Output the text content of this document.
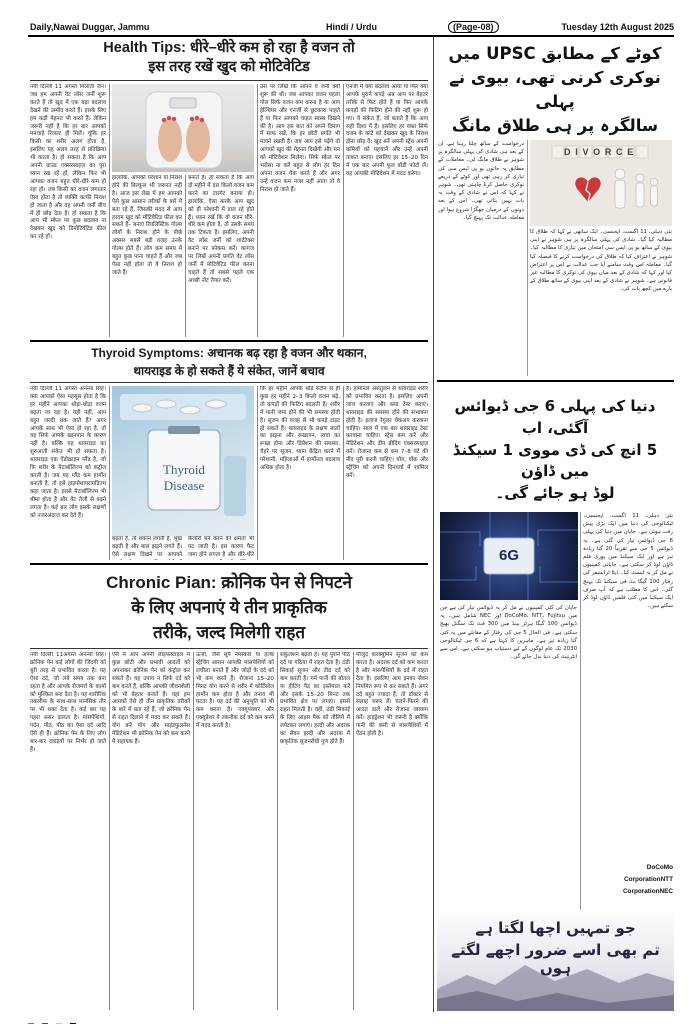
Daily,Nawai Duggar, Jammu	Hindi / Urdu	(Page-08)	Tuesday 12th August 2025
Health Tips: धीरे–धीरे कम हो रहा है वजन तो
इस तरह रखें खुद को मोटिवेटिड

नयी दिल्ली 11 अगस्त मिलाती जैन। जब हम अपनी वेट लॉस जर्नी शुरू करते हैं तो खुद में एक बड़ा बदलाव देखने की उम्मीद करते हैं। इसके लिए हम कड़ी मेहनत भी करते हैं। लेकिन जरूरी नहीं है कि हर बार आपको मनचाहे रिजल्ट ही मिलें। चूंकि हर किसी का शरीर अलग होता है, इसलिए यह अलग तरह से प्रतिक्रिया भी करता है। हो सकता है कि आप अपनी ग्राउंड एक्सरसाइज़ का पूरा ध्यान रख रहे हों, लेकिन फिर भी आपका वजन बहुत धीरे-धीरे कम हो रहा हो। जब किसी का वजन लगातार ऐसा होता है तो व्यक्ति काफी निराश हो जाता है और वह अपनी जर्नी बीच में ही छोड़ देता है। हो सकता है कि आप भी स्केल पर कुछ बदलाव ना देखकर खुद को डिमोटिवेटिड फील कर रहे हों।

हालांकि, आपको परेशान या निराश होने की बिल्कुल भी जरूरत नहीं है। आज इस लेख में हम आपको ऐसे कुछ आसान तरीकों के बारे में बता रहे हैं, जिसकी मदद से आप हरदम खुद को मोटिवेटिड फील कर सकते हैं– बनाएं रियलिस्टिक गोल्स लोगों के निराश होने के पीछे अक्सर सबसे बड़ी वजह उनके गोल्स होते हैं। लोग कम समय में बहुत कुछ पाना चाहते हैं और जब ऐसा नहीं होता तो वे निराश हो जाते हैं।

बनाते हैं। हो सकता है कि आप दो महीने में दस किलो वजन कम करने का टारगेट बनाया हो। हालांकि, ऐसा करके आप खुद को ही परेशानी में डाल रहे होते हैं। ध्यान रखें कि वो वजन धीरे-धीरे कम होता है, तो उसके समय तक टिकता है। इसलिए, अपनी वेट लॉस जर्नी को शार्टटेक्स बनाने पर फोकस करें। कागज पर लिखें अपनी प्रगति वेट लॉस जर्नी में मोटिवेटिड फील करना चाहते हैं तो सबसे पहले एक अच्छी नोट तैयार करें।

उस पर लिखें कि आपने ये जर्नी क्यों शुरू की थी। जब आपका वजन पहला गोल सिर्फ वजन कम करना है या आप हेल्थियर और एनर्जी से छुटकारा पाहते हैं या फिर आपको चाहत स्वस्थ दिखने की है। आप इस बात को अपने दिमाग में साफ रखें, कि हर छोटी प्रगति भी मायने रखती है। जब आप इसे पढ़ेंगे तो आपको खुद की मेहनत दिखेगी और मन को मोटिवेशन मिलेगा। सिर्फ स्केल पर भरोसा ना करें बहुत से लोग हर दिन अपना वजन चेक करते हैं और अगर उन्हें वजन कम नजर नहीं आता तो वे निराश हो जाते हैं।

एनर्जी में क्या बदलाव आया या फिर क्या आपके पुराने कपड़े अब आप पर बेहतर तरीके से फिट होते हैं या फिर आपके कपड़ों की फिटिंग होने की नहीं शुरू हो गए। ये संकेत हैं, जो बताते हैं कि आप सही दिशा में हैं। इसलिए हर वक्त सिर्फ वजन के कांटे को देखकर खुद के निराश होना छोड़ दें। खुद बनें अपनी स्ट्रेंथ अपनी कमियों को पहचानें और उन्हें अपनी ताकत बनाएं। इसलिए हर 15–20 दिन में एक बार अपनी फुल बॉडी फोटो लें। यह आपकी मोटिवेशन में मदद करेगा।

Thyroid Symptoms: अचानक बढ़ रहा है वजन और थकान,
थायराइड के हो सकते हैं ये संकेत, जानें बचाव

नयी दिल्ली 11 अगस्त अनन्या सिंह। क्या आपको ऐसा महसूस होता है कि हर महीने आपका थोड़ा-थोड़ा वजन बढ़ता जा रहा है। यही नहीं, आप बहुत जल्दी थक जाते हैं? अगर आपके साथ भी ऐसा हो रहा है, तो यह सिर्फ आपके खानपान के कारण नहीं है। बल्कि यह थायराइड का शुरुआती संकेत भी हो सकता है। थायराइड एक ऐंडोक्राइन ग्लैंड है, जो कि शरीर के मेटाबॉलिज्म को कंट्रोल करती है। जब यह ग्लैंड कम हार्मोन बनाती है, तो इसे हाइपोथायरायडिज्म कहा जाता है। इससे मेटाबॉलिज्म भी धीमा होता है और वेट तेजी से बढ़ने लगता है। कई बार लोग इसके लक्षणों को नजरअंदाज कर देते हैं।

Thyroid
Disease

बढ़ता है, तो थकान लगती है, भूख बढ़ती है और बाल झड़ने लगते हैं। ऐसे लक्षण दिखने पर आपको

कैलोरी बर्न करने की क्षमता भी घट जाती है। इस कारण फैट जमा होने लगता है और धीरे-धीरे

कि हर महीने आपके थोड़े रुटीन से ही कुछ हर महीने 2–3 किलो वजन बढ़े, तो कपड़ों की फिटिंग बदलती है। शरीर में पानी जमा होने की भी समस्या होती है। सूजन की वजह से भी कपड़े टाइट हो सकते हैं। थायराइड के लक्षण बालों का झड़ना और रूखापन, त्वचा का रूखा होना और डिप्रेशन की समस्या, चेहरे पर सूजन, ध्यान केंद्रित करने में परेशानी, महिलाओं में हार्मोनल बदलाव अधिक होता है।

है। हार्मोनल असंतुलन से थायराइड शरीर को प्रभावित करता है। इसलिए अपनी जांच करवाएं और ब्लड टेस्ट कराएं। थायराइड की समस्या होने की संभावना होती है। इलाज रेगुलर चेकअप करवाना चाहिए। साल में एक बार थायराइड टेस्ट करवाना चाहिए। स्ट्रेस कम करें और मेडिटेशन और डीप ब्रीदिंग एक्सरसाइज़ करें। रोजाना कम से कम 7–8 घंटे की नींद पूरी करनी चाहिए। योग, वॉक और स्ट्रेचिंग को अपनी दिनचर्या में शामिल करें।

Chronic Pian: क्रोनिक पेन से निपटने
के लिए अपनाएं ये तीन प्राकृतिक
तरीके, जल्द मिलेगी राहत

नयी दिल्ली 11अगस्त अनन्या सिंह। क्रोनिक पेन कई लोगों की जिंदगी को बुरी तरह से प्रभावित करता है। यह ऐसा दर्द, जो लंबे समय तक बना रहता है और आपके रोजमर्रा के कामों को मुश्किल बना देता है। यह शारीरिक तकलीफ के साथ-साथ मानसिक तौर पर भी थका देता है। कई बार यह गहरा असर डालता है। मांसपेशियों, गर्दन, पीठ, पीठ का ऐसा दर्द आदि ऐसे ही हैं। क्रोनिक पेन के लिए लोग बार-बार दवाइयों पर निर्भर हो जाते हैं।

ऐसे में आप अपनी लाइफस्टाइल में कुछ छोटी और प्रभावी आदतों को अपनाकर क्रोनिक पेन को कंट्रोल कर सकते हैं। यह उपाय न सिर्फ दर्द को कम करते हैं, बल्कि आपकी जीवनशैली को भी बेहतर बनाते हैं। यहां हम आपको ऐसे ही तीन प्राकृतिक तरीकों के बारे में बता रहे हैं, जो क्रोनिक पेन से राहत दिलाने में मदद कर सकते हैं। योग करें योग और माइंडफुलनेस मेडिटेशन भी क्रोनिक पेन को कम करने में सहायक हैं।

ऊर्जा, जैसे सूर्य नमस्कार या हल्के स्ट्रेचिंग आसन आपकी मांसपेशियों को लचीला बनाते हैं और जोड़ों के दर्द को भी कम करते हैं। रोजाना 15–20 मिनट योग करने से शरीर में कोर्टिसोल हार्मोन कम होता है और तनाव भी घटता है। यह दर्द की अनुभूति को भी कम करता है। एक्यूपंक्चर और एक्यूप्रेशर ये तकनीक दर्द को कम करने में मदद करती है।

सकुलेशन बढ़ता है। यह पुराने पीठ दर्द या गठिया में राहत देता है। ठंडी सिकाई सूजन और तीव्र दर्द को कम करती है। गर्म पानी की बोतल या हीटिंग पैड का इस्तेमाल करें और इसके 15–20 मिनट तक प्रभावित क्षेत्र पर लगाएं। इससे राहत मिलती है। वहीं, ठंडी सिकाई के लिए आइस पैक को तौलिये में लपेटकर लगाएं। हल्दी और अदरक का सेवन हल्दी और अदरक में प्राकृतिक सूजनरोधी गुण होते हैं।

मौजूद करक्यूमिन सूजन को कम करता है। अदरक दर्द को कम करता है और मांसपेशियों के दर्द में राहत देता है। इसलिए आप इनका सेवन नियमित रूप से कर सकते हैं। अगर दर्द बहुत ज्यादा है, तो डॉक्टर से सलाह जरूर लें। चलने-फिरने की आदत डालें और रोजाना व्यायाम करें। हाइड्रेशन भी जरूरी है क्योंकि पानी की कमी से मांसपेशियों में ऐंठन होती है।

کوٹے کے مطابق UPSC میں
نوکری کرنی تھی، بیوی نے پہلی
سالگرہ پر ہی طلاق مانگ
DIVORCE

نئی دہلی، 11 اگست، ایجنسی۔ ایک ساتھی نے کہا کہ طلاق کا مطالبہ کیا گیا۔ شادی کی پہلی سالگرہ پر ہی شوہر نے اپنی بیوی کے ساتھ یو پی ایس سی امتحان میں تیاری کا مطالبہ کیا۔ شوہر نے اعتراف کیا کہ طلاق کی درخواست کرنے کا فیصلہ کیا گیا۔ معاملہ اس وقت سامنے آیا جب عدالت نے اس پر اعتراض کیا اور کہا کہ شادی کے بعد میاں بیوی کی نوکری کا مطالبہ غیر قانونی ہے۔ شوہر نے شادی کے بعد اپنی بیوی کے ساتھ طلاق کے بارے میں کچھ بات کی۔

درخواست کے ساتھ چلتا رہتا ہے، ان کے بعد ہی شادی کی پہلی سالگرہ پر شوہر نے طلاق مانگ لی۔ معاملات کے مطابق یہ خاتون یو پی ایس سی کی تیاری کر رہی تھی اور کوٹے کے ذریعے نوکری حاصل کرنا چاہتی تھی۔ شوہر نے کہا کہ اس نے شادی کے وقت یہ بات نہیں بتائی تھی۔ اس کے بعد دونوں کے درمیان جھگڑا شروع ہوا اور معاملہ عدالت تک پہنچ گیا۔

دنیا کی پہلی 6 جی ڈیوائس آگئی، اب
5 انچ کی ڈی مووی 1 سیکنڈ میں ڈاؤن
لوڈ ہو جائے گی۔
6G

نئی دہلی، 11 اگست، ایجنسی۔ ٹیکنالوجی کی دنیا میں ایک بڑی پیش رفت ہوئی ہے۔ جاپان میں دنیا کی پہلی 6 جی ڈیوائس تیار کی گئی ہے۔ یہ ڈیوائس 5 جی سے تقریباً 20 گنا زیادہ تیز ہے اور ایک سیکنڈ میں پوری فلم ڈاؤن لوڈ کر سکتی ہے۔ جاپانی کمپنیوں نے مل کر یہ ٹیسٹ کیا۔ ڈیٹا ٹرانسفر کی رفتار 100 گیگا بٹ فی سیکنڈ تک پہنچ گئی۔ اس کا مطلب ہے کہ آپ صرف ایک سیکنڈ میں کئی فلمیں ڈاؤن لوڈ کر سکتے ہیں۔

جاپان کی کئی کمپنیوں نے مل کر یہ ڈیوائس تیار کی ہے جن میں DoCoMo، NTT، Fujitsu اور NEC شامل ہیں۔ یہ ڈیوائس 100 گیگا ہرٹز بینڈ میں 300 فٹ تک سگنل بھیج سکتی ہے۔ فی الحال 5 جی کی رفتار کے مقابلے میں یہ کئی گنا زیادہ تیز ہے۔ ماہرین کا کہنا ہے کہ 6 جی ٹیکنالوجی 2030 تک عام لوگوں کے لیے دستیاب ہو سکتی ہے۔ اس سے انٹرنیٹ کی دنیا بدل جائے گی۔

DoCoMo
CorporationNTT
CorporationNEC
جو تمہیں اچھا لگتا ہے
تم بھی اسے ضرور اچھے لگتے ہوں
